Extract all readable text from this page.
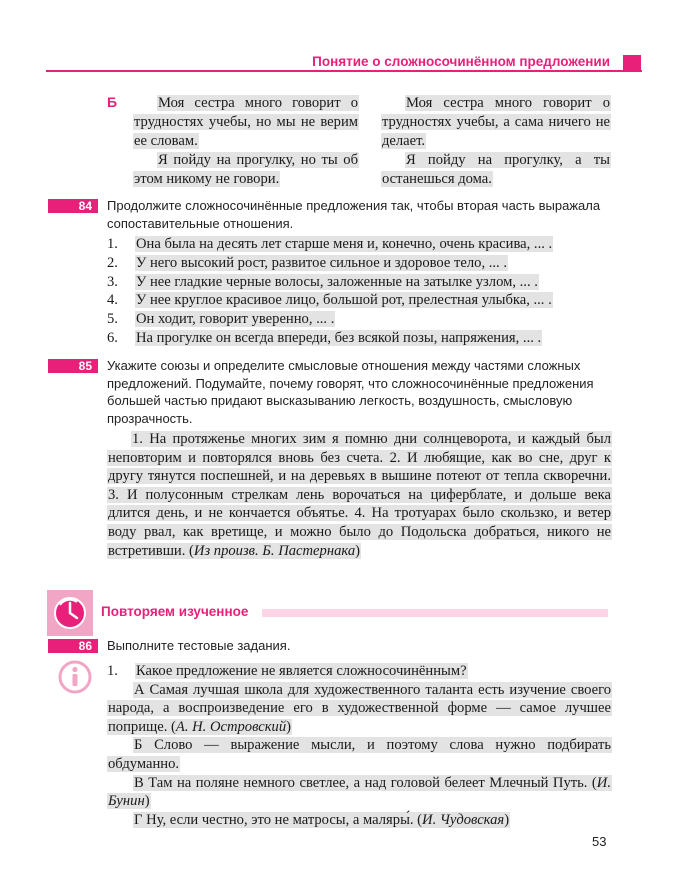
Понятие о сложносочинённом предложении
Б	Моя сестра много говорит о трудностях учебы, но мы не верим ее словам.

Я пойду на прогулку, но ты об этом никому не говори.

Моя сестра много говорит о трудностях учебы, а сама ничего не делает.

Я пойду на прогулку, а ты останешься дома.

84	Продолжите сложносочинённые предложения так, чтобы вторая часть выражала сопоставительные отношения.
1. Она была на десять лет старше меня и, конечно, очень красива, ... .
2. У него высокий рост, развитое сильное и здоровое тело, ... .
3. У нее гладкие черные волосы, заложенные на затылке узлом, ... .
4. У нее круглое красивое лицо, большой рот, прелестная улыбка, ... .
5. Он ходит, говорит уверенно, ... .
6. На прогулке он всегда впереди, без всякой позы, напряжения, ... .
85	Укажите союзы и определите смысловые отношения между частями сложных предложений. Подумайте, почему говорят, что сложносочинённые предложения большей частью придают высказыванию легкость, воздушность, смысловую прозрачность.

1. На протяженье многих зим я помню дни солнцеворота, и каждый был неповторим и повторялся вновь без счета. 2. И любящие, как во сне, друг к другу тянутся поспешней, и на деревьях в вышине потеют от тепла скворечни. 3. И полусонным стрелкам лень ворочаться на циферблате, и дольше века длится день, и не кончается объятье. 4. На тротуарах было скользко, и ветер воду рвал, как вретище, и можно было до Подольска добраться, никого не встретивши. (Из произв. Б. Пастернака)

Повторяем изученное
86	Выполните тестовые задания.

1. Какое предложение не является сложносочинённым?

А Самая лучшая школа для художественного таланта есть изучение своего народа, а воспроизведение его в художественной форме — самое лучшее поприще. (А. Н. Островский)

Б Слово — выражение мысли, и поэтому слова нужно подбирать обдуманно.

В Там на поляне немного светлее, а над головой белеет Млечный Путь. (И. Бунин)

Г Ну, если честно, это не матросы, а маляры́. (И. Чудовская)

53
